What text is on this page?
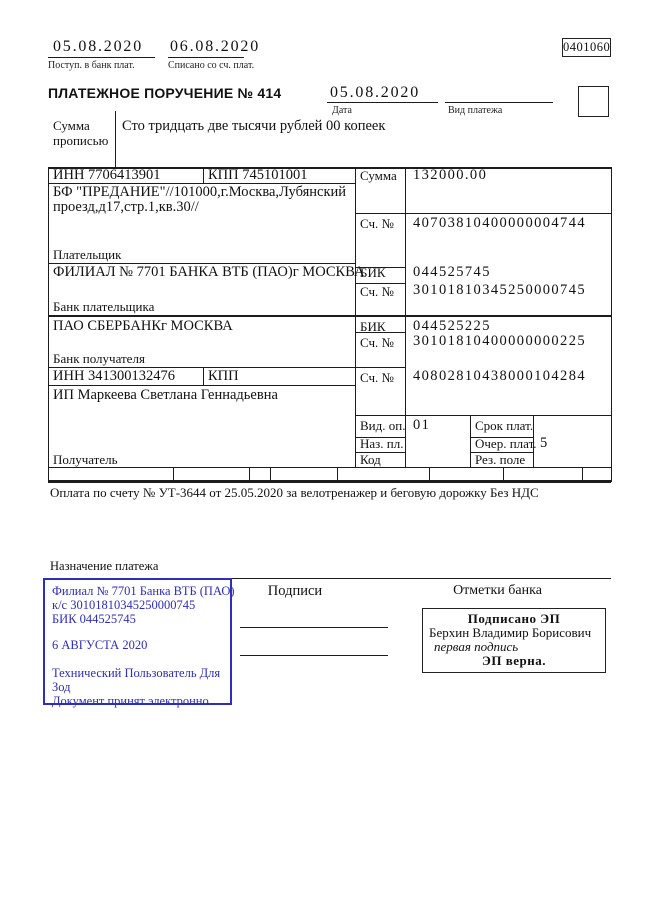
05.08.2020
Поступ. в банк плат.
06.08.2020
Списано со сч. плат.
0401060
ПЛАТЕЖНОЕ ПОРУЧЕНИЕ № 414	05.08.2020
Дата	Вид платежа
Сумма
прописью
Сто тридцать две тысячи рублей 00 копеек
ИНН 7706413901	КПП 745101001	Сумма 132000.00
БФ "ПРЕДАНИЕ"//101000,г.Москва,Лубянский
проезд,д17,стр.1,кв.30//
Сч. № 40703810400000004744
Плательщик
ФИЛИАЛ № 7701 БАНКА ВТБ (ПАО)г МОСКВА
БИК 044525745
Сч. № 30101810345250000745
Банк плательщика
ПАО СБЕРБАНКг МОСКВА	БИК 044525225
Сч. № 30101810400000000225
Банк получателя
ИНН 341300132476 КПП	Сч. № 40802810438000104284
ИП Маркеева Светлана Геннадьевна
Получатель
Вид. оп. 01	Срок плат.
Наз. пл.	Очер. плат. 5
Код	Рез. поле
Оплата по счету № УТ-3644 от 25.05.2020 за велотренажер и беговую дорожку Без НДС
Назначение платежа
Подписи	Отметки банка
Филиал № 7701 Банка ВТБ (ПАО)
к/с 30101810345250000745
БИК 044525745
6 АВГУСТА 2020
Технический Пользователь Для
Зод
Документ принят электронно
Подписано ЭП
Берхин Владимир Борисович
первая подпись
ЭП верна.
